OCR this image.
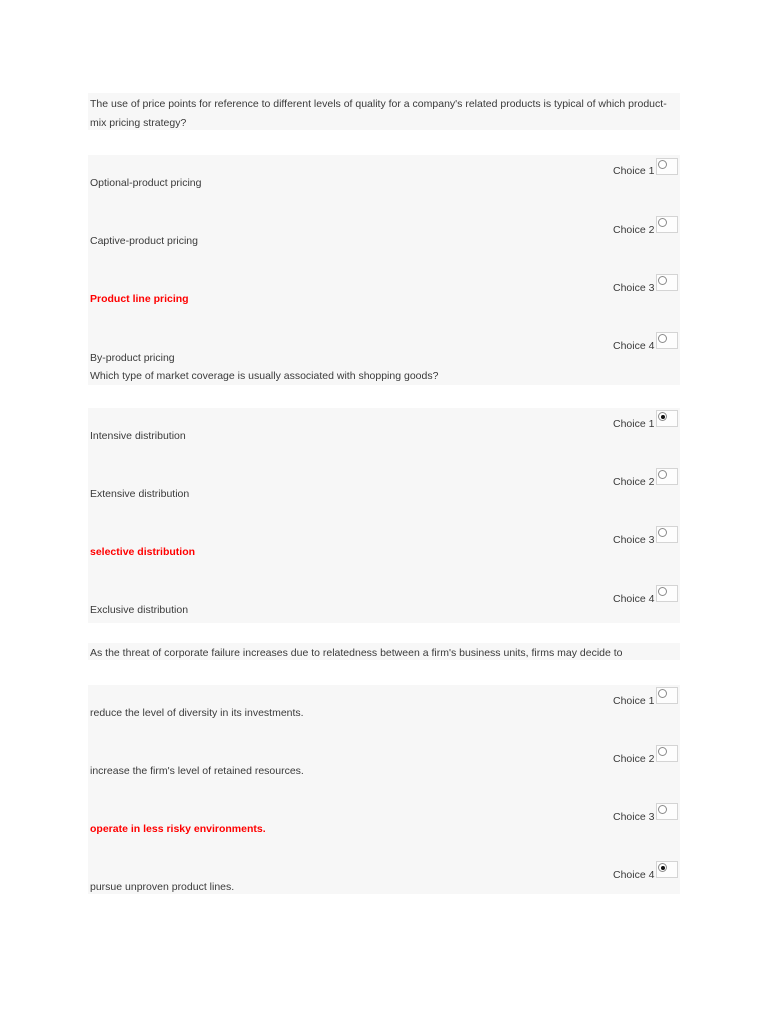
The use of price points for reference to different levels of quality for a company's related products is typical of which product-mix pricing strategy?
Optional-product pricing
Choice 1
Captive-product pricing
Choice 2
Product line pricing
Choice 3
By-product pricing
Choice 4
Which type of market coverage is usually associated with shopping goods?
Intensive distribution
Choice 1
Extensive distribution
Choice 2
selective distribution
Choice 3
Exclusive distribution
Choice 4
As the threat of corporate failure increases due to relatedness between a firm's business units, firms may decide to
reduce the level of diversity in its investments.
Choice 1
increase the firm's level of retained resources.
Choice 2
operate in less risky environments.
Choice 3
pursue unproven product lines.
Choice 4
